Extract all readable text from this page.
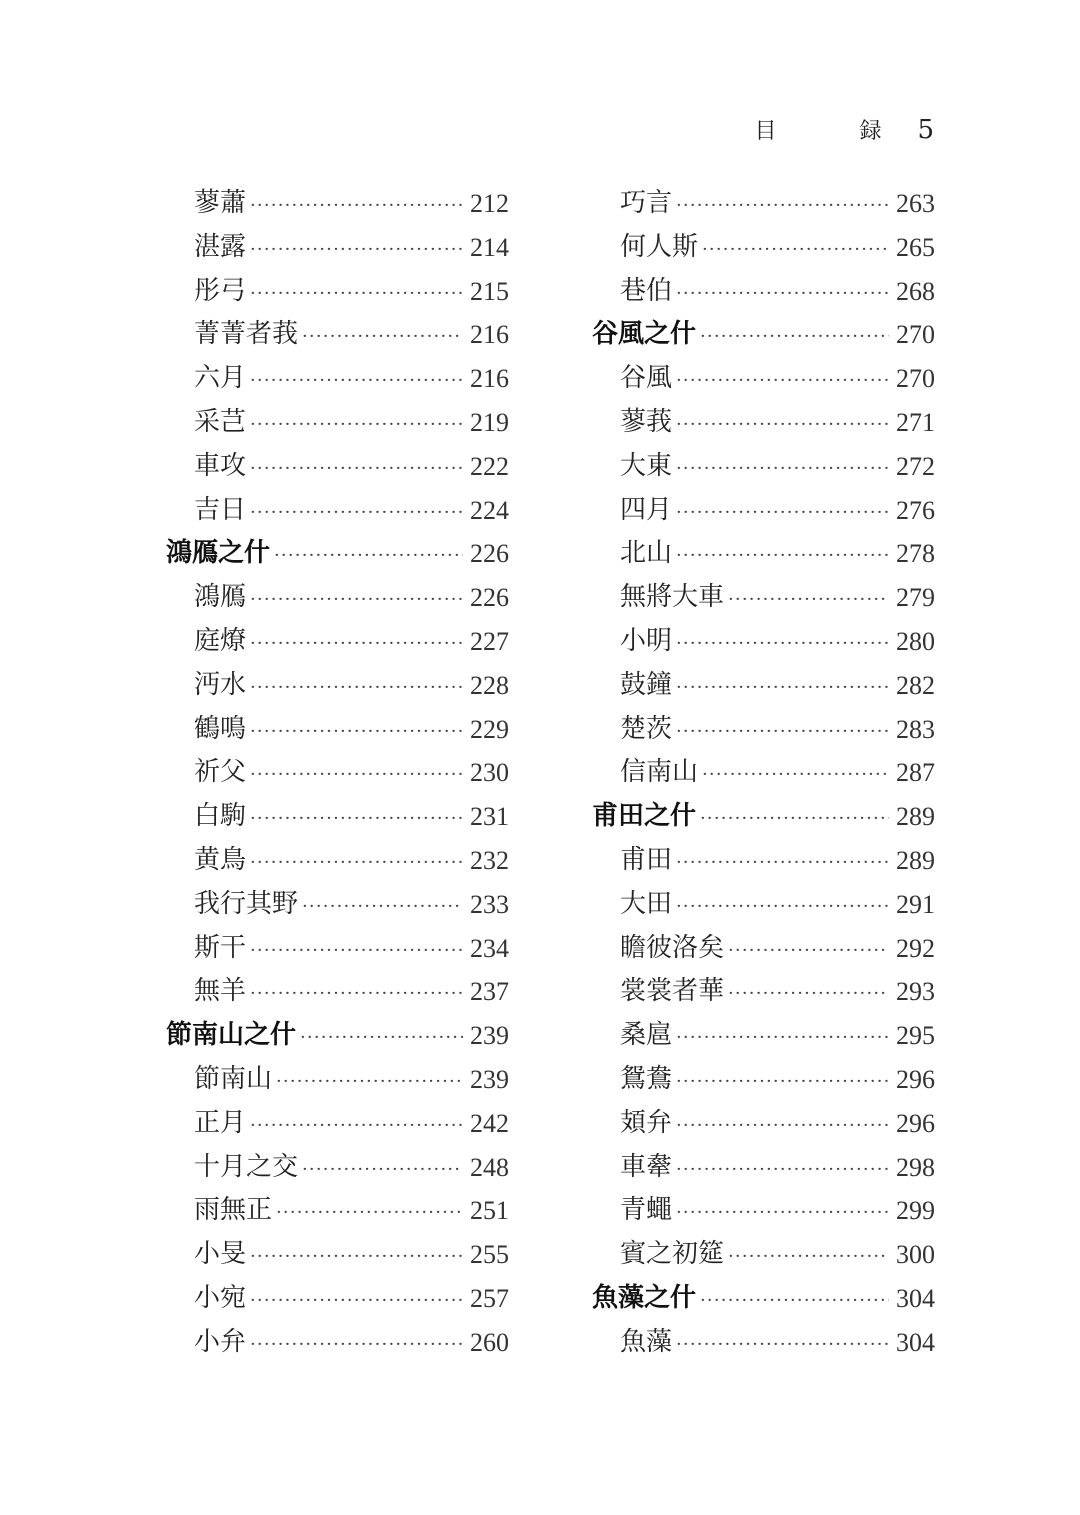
目 録
5
蓼蕭 ·····	212
湛露 ·····	214
彤弓 ·····	215
菁菁者莪 ·····	216
六月 ·····	216
采芑 ·····	219
車攻 ·····	222
吉日 ·····	224
鴻鴈之什 ·····	226
鴻鴈 ·····	226
庭燎 ·····	227
沔水 ·····	228
鶴鳴 ·····	229
祈父 ·····	230
白駒 ·····	231
黄鳥 ·····	232
我行其野 ·····	233
斯干 ·····	234
無羊 ·····	237
節南山之什 ·····	239
節南山 ·····	239
正月 ·····	242
十月之交 ·····	248
雨無正 ·····	251
小旻 ·····	255
小宛 ·····	257
小弁 ·····	260
巧言 ·····	263
何人斯 ·····	265
巷伯 ·····	268
谷風之什 ·····	270
谷風 ·····	270
蓼莪 ·····	271
大東 ·····	272
四月 ·····	276
北山 ·····	278
無將大車 ·····	279
小明 ·····	280
鼓鐘 ·····	282
楚茨 ·····	283
信南山 ·····	287
甫田之什 ·····	289
甫田 ·····	289
大田 ·····	291
瞻彼洛矣 ·····	292
裳裳者華 ·····	293
桑扈 ·····	295
鴛鴦 ·····	296
頍弁 ·····	296
車舝 ·····	298
青蠅 ·····	299
賓之初筵 ·····	300
魚藻之什 ·····	304
魚藻 ·····	304
